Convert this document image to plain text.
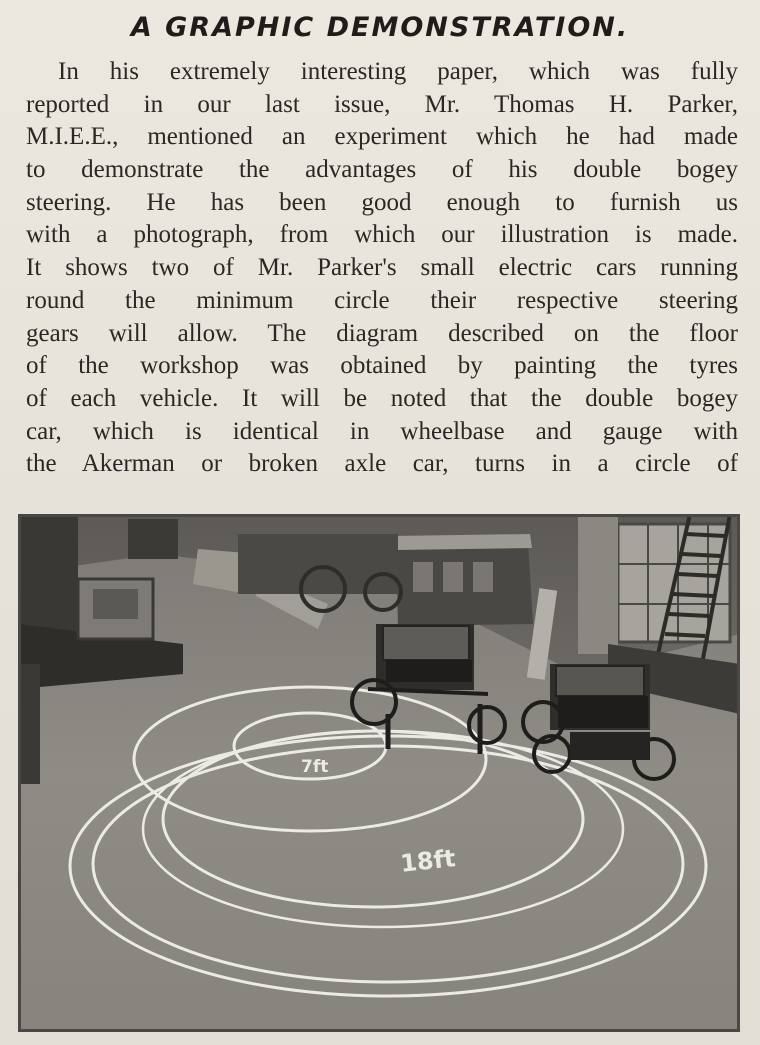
A GRAPHIC DEMONSTRATION.
In his extremely interesting paper, which was fully
reported in our last issue, Mr. Thomas H. Parker,
M.I.E.E., mentioned an experiment which he had made
to demonstrate the advantages of his double bogey
steering. He has been good enough to furnish us
with a photograph, from which our illustration is made.
It shows two of Mr. Parker's small electric cars running
round the minimum circle their respective steering
gears will allow. The diagram described on the floor
of the workshop was obtained by painting the tyres
of each vehicle. It will be noted that the double bogey
car, which is identical in wheelbase and gauge with
the Akerman or broken axle car, turns in a circle of
7ft
18ft
